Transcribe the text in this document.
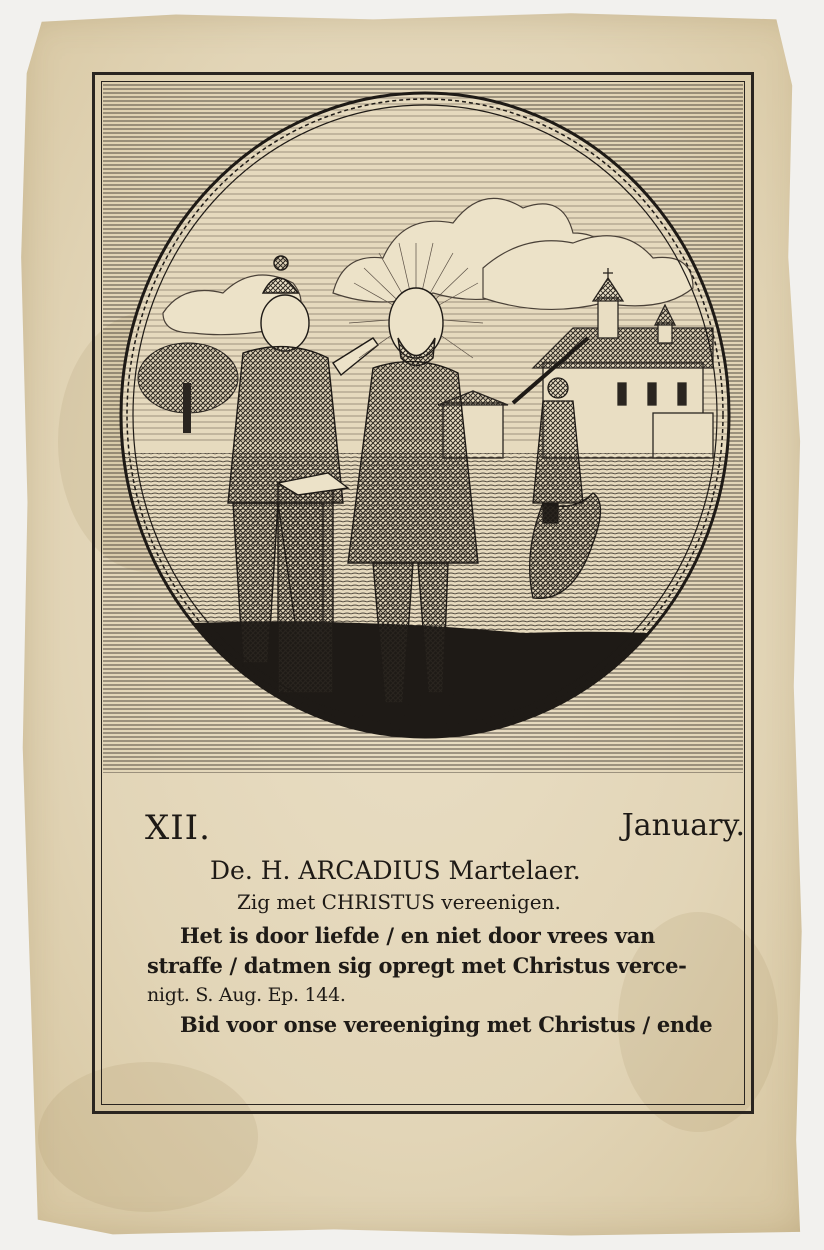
XII.	January.
De. H. ARCADIUS Martelaer.
Zig met CHRISTUS vereenigen.
Het is door liefde / en niet door vrees van
straffe / datmen sig opregt met Christus verce-
nigt. S. Aug. Ep. 144.
Bid voor onse vereeniging met Christus / ende
